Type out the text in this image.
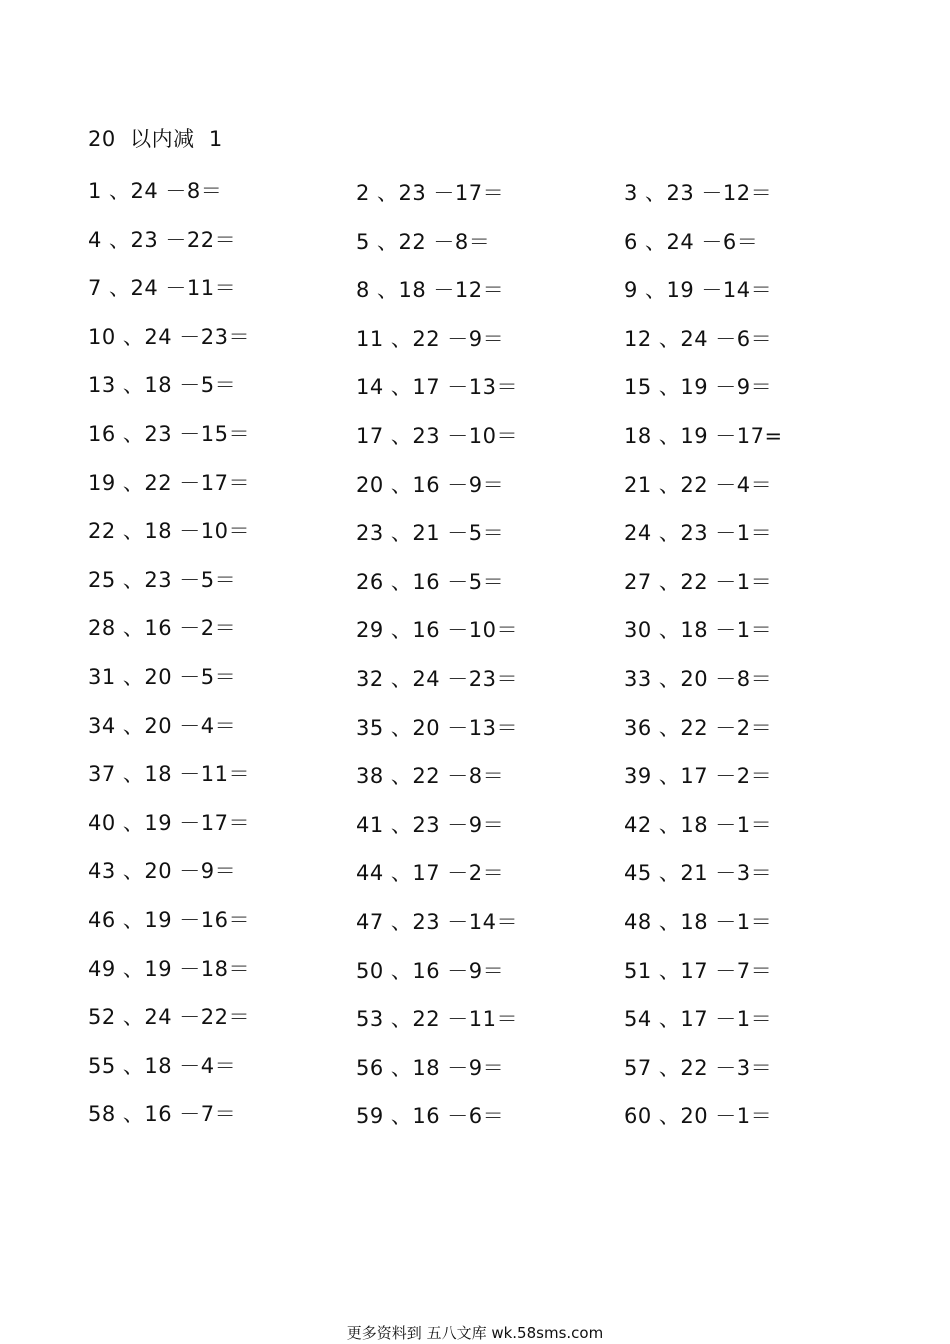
20  以内减  1
1 、24 －8＝
4 、23 －22＝
7 、24 －11＝
10 、24 －23＝
13 、18 －5＝
16 、23 －15＝
19 、22 －17＝
22 、18 －10＝
25 、23 －5＝
28 、16 －2＝
31 、20 －5＝
34 、20 －4＝
37 、18 －11＝
40 、19 －17＝
43 、20 －9＝
46 、19 －16＝
49 、19 －18＝
52 、24 －22＝
55 、18 －4＝
58 、16 －7＝
2 、23 －17＝
5 、22 －8＝
8 、18 －12＝
11 、22 －9＝
14 、17 －13＝
17 、23 －10＝
20 、16 －9＝
23 、21 －5＝
26 、16 －5＝
29 、16 －10＝
32 、24 －23＝
35 、20 －13＝
38 、22 －8＝
41 、23 －9＝
44 、17 －2＝
47 、23 －14＝
50 、16 －9＝
53 、22 －11＝
56 、18 －9＝
59 、16 －6＝
3 、23 －12＝
6 、24 －6＝
9 、19 －14＝
12 、24 －6＝
15 、19 －9＝
18 、19 －17=
21 、22 －4＝
24 、23 －1＝
27 、22 －1＝
30 、18 －1＝
33 、20 －8＝
36 、22 －2＝
39 、17 －2＝
42 、18 －1＝
45 、21 －3＝
48 、18 －1＝
51 、17 －7＝
54 、17 －1＝
57 、22 －3＝
60 、20 －1＝
更多资料到 五八文库 wk.58sms.com
